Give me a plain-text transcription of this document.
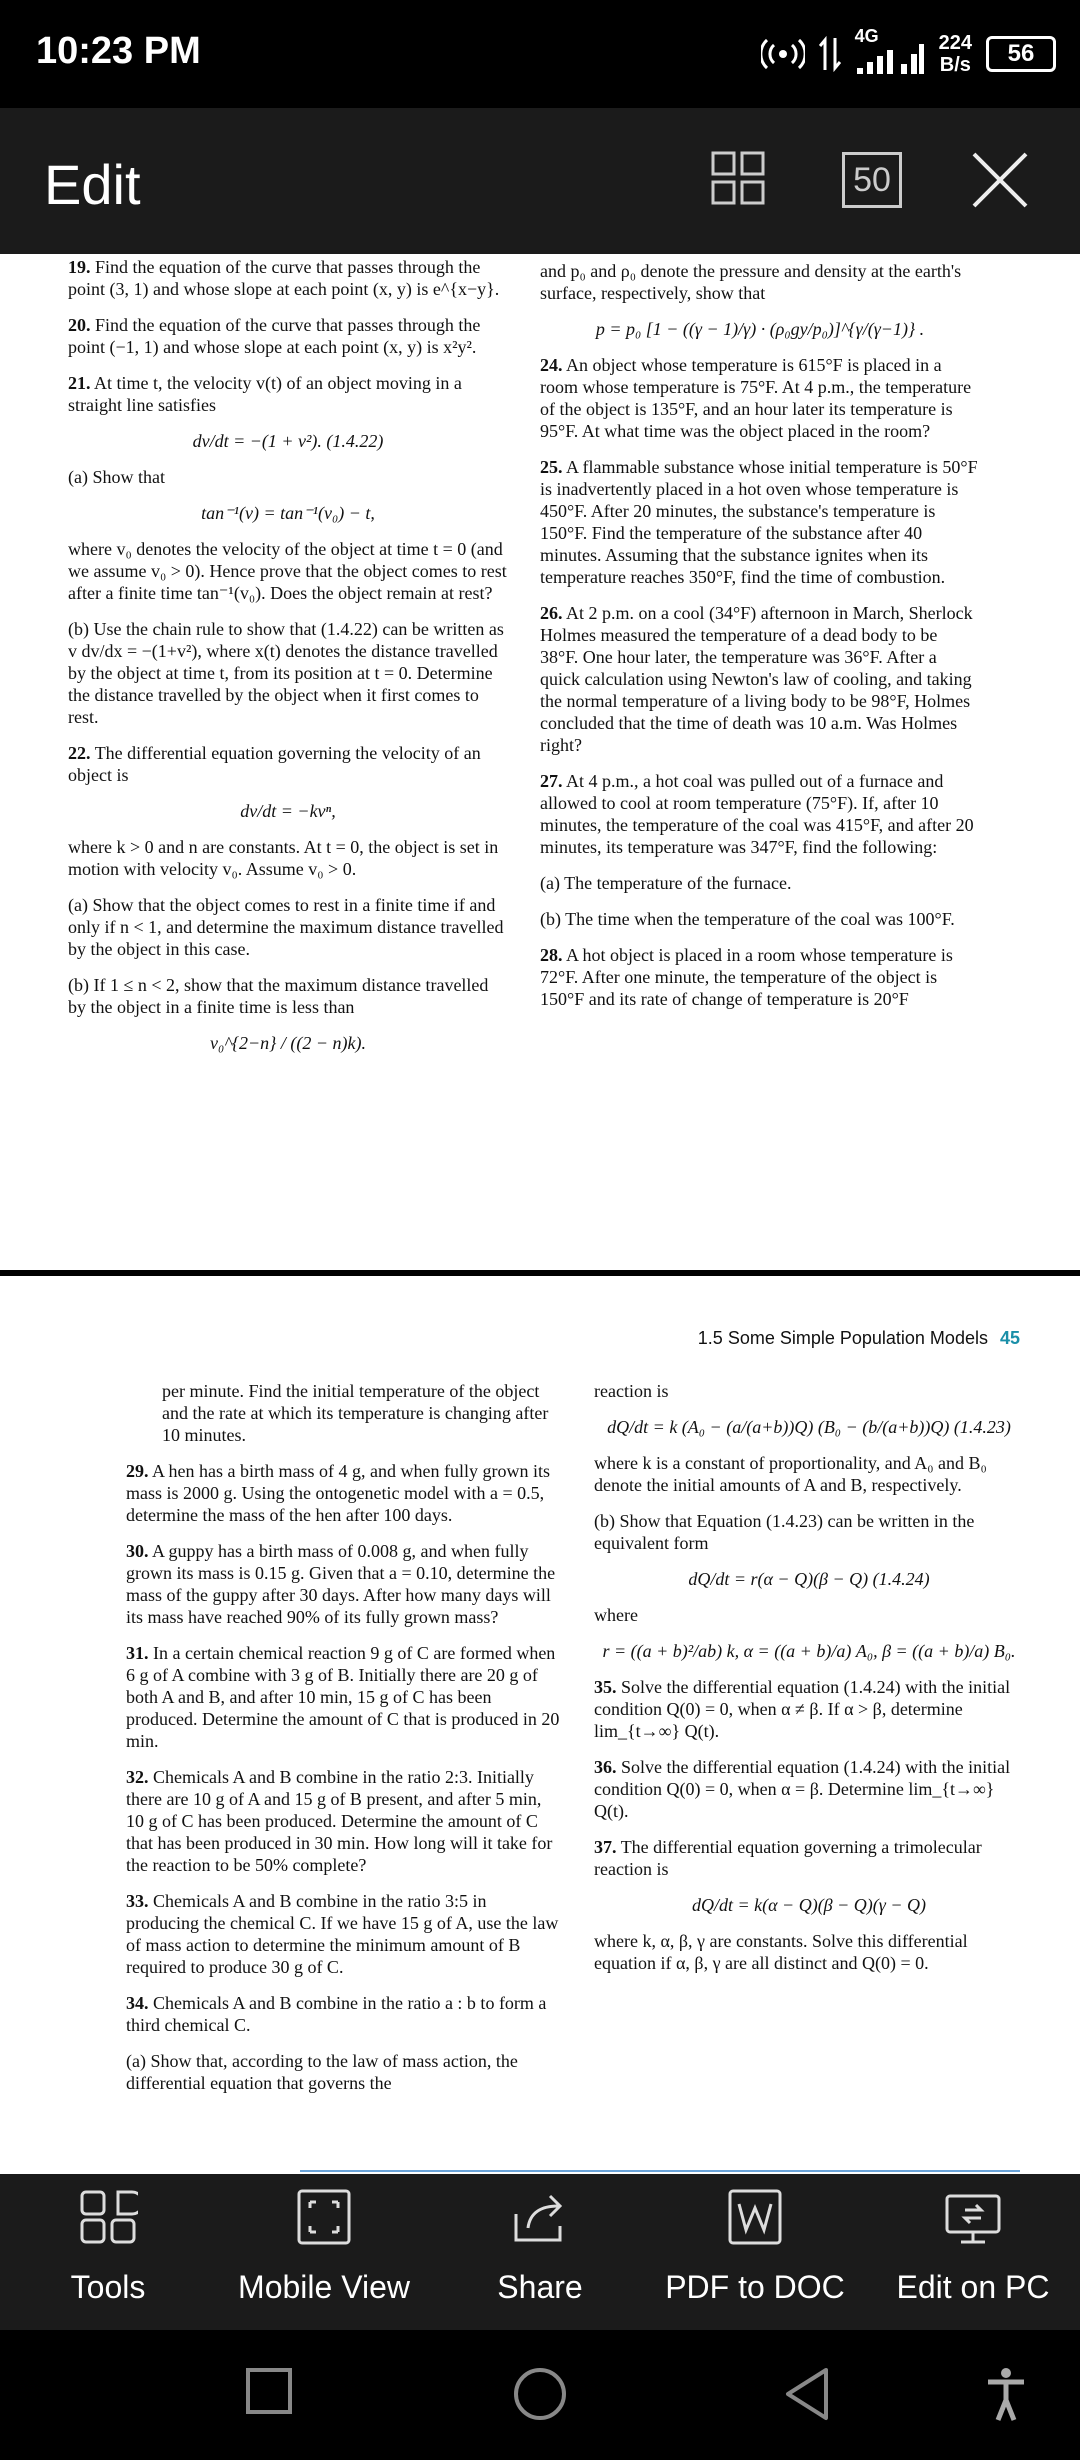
10:23 PM	4G	224
B/s	56
Edit	50

19. Find the equation of the curve that passes through the point (3, 1) and whose slope at each point (x, y) is e^{x−y}.

20. Find the equation of the curve that passes through the point (−1, 1) and whose slope at each point (x, y) is x²y².

21. At time t, the velocity v(t) of an object moving in a straight line satisfies

dv/dt = −(1 + v²). (1.4.22)

(a) Show that

tan⁻¹(v) = tan⁻¹(v₀) − t,

where v₀ denotes the velocity of the object at time t = 0 (and we assume v₀ > 0). Hence prove that the object comes to rest after a finite time tan⁻¹(v₀). Does the object remain at rest?

(b) Use the chain rule to show that (1.4.22) can be written as v dv/dx = −(1+v²), where x(t) denotes the distance travelled by the object at time t, from its position at t = 0. Determine the distance travelled by the object when it first comes to rest.

22. The differential equation governing the velocity of an object is

dv/dt = −kvⁿ,

where k > 0 and n are constants. At t = 0, the object is set in motion with velocity v₀. Assume v₀ > 0.

(a) Show that the object comes to rest in a finite time if and only if n < 1, and determine the maximum distance travelled by the object in this case.

(b) If 1 ≤ n < 2, show that the maximum distance travelled by the object in a finite time is less than

v₀^{2−n} / ((2 − n)k).

and p₀ and ρ₀ denote the pressure and density at the earth's surface, respectively, show that

p = p₀ [1 − ((γ − 1)/γ) · (ρ₀gy/p₀)]^{γ/(γ−1)} .

24. An object whose temperature is 615°F is placed in a room whose temperature is 75°F. At 4 p.m., the temperature of the object is 135°F, and an hour later its temperature is 95°F. At what time was the object placed in the room?

25. A flammable substance whose initial temperature is 50°F is inadvertently placed in a hot oven whose temperature is 450°F. After 20 minutes, the substance's temperature is 150°F. Find the temperature of the substance after 40 minutes. Assuming that the substance ignites when its temperature reaches 350°F, find the time of combustion.

26. At 2 p.m. on a cool (34°F) afternoon in March, Sherlock Holmes measured the temperature of a dead body to be 38°F. One hour later, the temperature was 36°F. After a quick calculation using Newton's law of cooling, and taking the normal temperature of a living body to be 98°F, Holmes concluded that the time of death was 10 a.m. Was Holmes right?

27. At 4 p.m., a hot coal was pulled out of a furnace and allowed to cool at room temperature (75°F). If, after 10 minutes, the temperature of the coal was 415°F, and after 20 minutes, its temperature was 347°F, find the following:

(a) The temperature of the furnace.

(b) The time when the temperature of the coal was 100°F.

28. A hot object is placed in a room whose temperature is 72°F. After one minute, the temperature of the object is 150°F and its rate of change of temperature is 20°F

1.5 Some Simple Population Models 45

per minute. Find the initial temperature of the object and the rate at which its temperature is changing after 10 minutes.

29. A hen has a birth mass of 4 g, and when fully grown its mass is 2000 g. Using the ontogenetic model with a = 0.5, determine the mass of the hen after 100 days.

30. A guppy has a birth mass of 0.008 g, and when fully grown its mass is 0.15 g. Given that a = 0.10, determine the mass of the guppy after 30 days. After how many days will its mass have reached 90% of its fully grown mass?

31. In a certain chemical reaction 9 g of C are formed when 6 g of A combine with 3 g of B. Initially there are 20 g of both A and B, and after 10 min, 15 g of C has been produced. Determine the amount of C that is produced in 20 min.

32. Chemicals A and B combine in the ratio 2:3. Initially there are 10 g of A and 15 g of B present, and after 5 min, 10 g of C has been produced. Determine the amount of C that has been produced in 30 min. How long will it take for the reaction to be 50% complete?

33. Chemicals A and B combine in the ratio 3:5 in producing the chemical C. If we have 15 g of A, use the law of mass action to determine the minimum amount of B required to produce 30 g of C.

34. Chemicals A and B combine in the ratio a : b to form a third chemical C.

(a) Show that, according to the law of mass action, the differential equation that governs the

reaction is

dQ/dt = k (A₀ − (a/(a+b))Q) (B₀ − (b/(a+b))Q) (1.4.23)

where k is a constant of proportionality, and A₀ and B₀ denote the initial amounts of A and B, respectively.

(b) Show that Equation (1.4.23) can be written in the equivalent form

dQ/dt = r(α − Q)(β − Q) (1.4.24)

where

r = ((a + b)²/ab) k, α = ((a + b)/a) A₀, β = ((a + b)/a) B₀.

35. Solve the differential equation (1.4.24) with the initial condition Q(0) = 0, when α ≠ β. If α > β, determine lim_{t→∞} Q(t).

36. Solve the differential equation (1.4.24) with the initial condition Q(0) = 0, when α = β. Determine lim_{t→∞} Q(t).

37. The differential equation governing a trimolecular reaction is

dQ/dt = k(α − Q)(β − Q)(γ − Q)

where k, α, β, γ are constants. Solve this differential equation if α, β, γ are all distinct and Q(0) = 0.

Tools	Mobile View	Share	PDF to DOC Edit on PC
